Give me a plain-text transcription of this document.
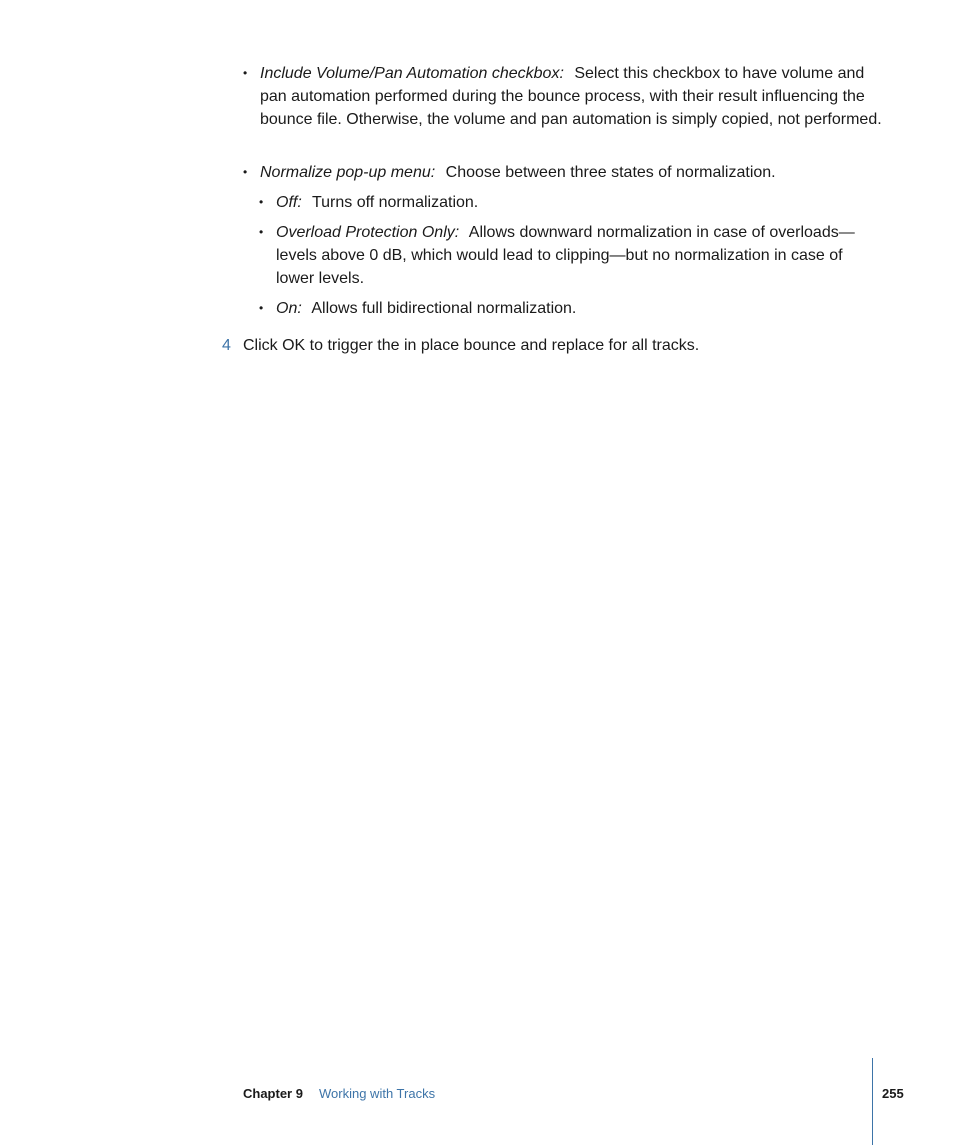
• Include Volume/Pan Automation checkbox: Select this checkbox to have volume and pan automation performed during the bounce process, with their result influencing the bounce file. Otherwise, the volume and pan automation is simply copied, not performed.
• Normalize pop-up menu: Choose between three states of normalization.
• Off: Turns off normalization.
• Overload Protection Only: Allows downward normalization in case of overloads—levels above 0 dB, which would lead to clipping—but no normalization in case of lower levels.
• On: Allows full bidirectional normalization.
4 Click OK to trigger the in place bounce and replace for all tracks.
Chapter 9 Working with Tracks	255
